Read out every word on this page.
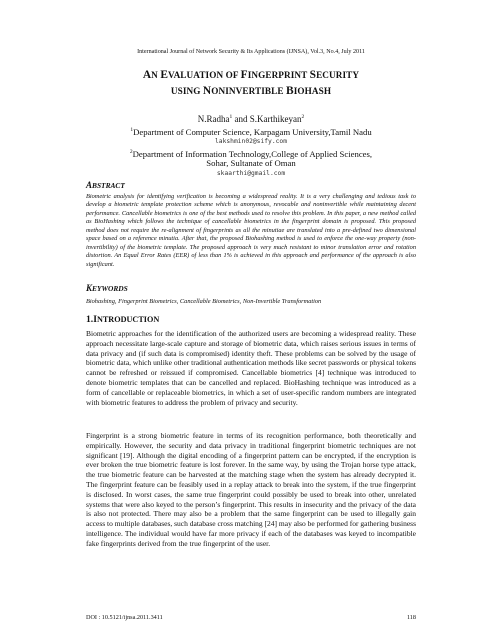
International Journal of Network Security & Its Applications (IJNSA), Vol.3, No.4, July 2011
AN EVALUATION OF FINGERPRINT SECURITY
USING NONINVERTIBLE BIOHASH
N.Radha$^1$ and S.Karthikeyan$^2$
$^1$Department of Computer Science, Karpagam University,Tamil Nadu
lakshmin02@sify.com
$^2$Department of Information Technology,College of Applied Sciences,
Sohar, Sultanate of Oman
skaarthi@gmail.com
ABSTRACT
Biometric analysis for identifying verification is becoming a widespread reality. It is a very challenging and tedious task to develop a biometric template protection scheme which is anonymous, revocable and noninvertible while maintaining decent performance. Cancellable biometrics is one of the best methods used to resolve this problem. In this paper, a new method called as BioHashing which follows the technique of cancellable biometrics in the fingerprint domain is proposed. This proposed method does not require the re-alignment of fingerprints as all the minutiae are translated into a pre-defined two dimensional space based on a reference minutia. After that, the proposed Biohashing method is used to enforce the one-way property (non-invertibility) of the biometric template. The proposed approach is very much resistant to minor translation error and rotation distortion. An Equal Error Rates (EER) of less than 1% is achieved in this approach and performance of the approach is also significant.
KEYWORDS
Biohashing, Fingerprint Biometrics, Cancellable Biometrics, Non-Invertible Transformation
1.INTRODUCTION
Biometric approaches for the identification of the authorized users are becoming a widespread reality. These approach necessitate large-scale capture and storage of biometric data, which raises serious issues in terms of data privacy and (if such data is compromised) identity theft. These problems can be solved by the usage of biometric data, which unlike other traditional authentication methods like secret passwords or physical tokens cannot be refreshed or reissued if compromised. Cancellable biometrics [4] technique was introduced to denote biometric templates that can be cancelled and replaced. BioHashing technique was introduced as a form of cancellable or replaceable biometrics, in which a set of user-specific random numbers are integrated with biometric features to address the problem of privacy and security.
Fingerprint is a strong biometric feature in terms of its recognition performance, both theoretically and empirically. However, the security and data privacy in traditional fingerprint biometric techniques are not significant [19]. Although the digital encoding of a fingerprint pattern can be encrypted, if the encryption is ever broken the true biometric feature is lost forever. In the same way, by using the Trojan horse type attack, the true biometric feature can be harvested at the matching stage when the system has already decrypted it. The fingerprint feature can be feasibly used in a replay attack to break into the system, if the true fingerprint is disclosed. In worst cases, the same true fingerprint could possibly be used to break into other, unrelated systems that were also keyed to the person’s fingerprint. This results in insecurity and the privacy of the data is also not protected. There may also be a problem that the same fingerprint can be used to illegally gain access to multiple databases, such database cross matching [24] may also be performed for gathering business intelligence. The individual would have far more privacy if each of the databases was keyed to incompatible fake fingerprints derived from the true fingerprint of the user.
DOI : 10.5121/ijnsa.2011.3411	118
